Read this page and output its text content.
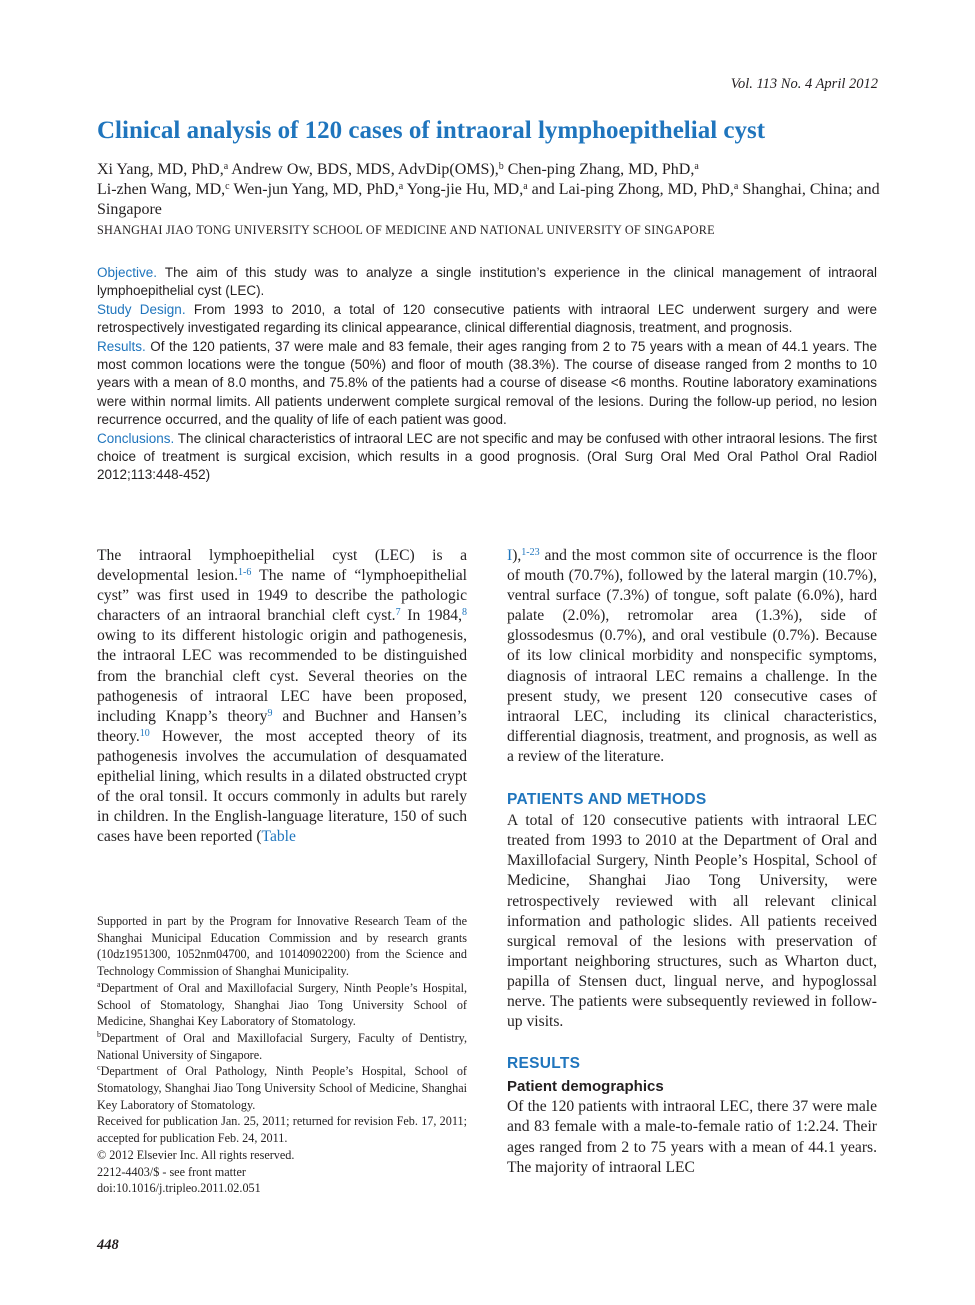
Vol. 113 No. 4 April 2012
Clinical analysis of 120 cases of intraoral lymphoepithelial cyst
Xi Yang, MD, PhD,$^a$ Andrew Ow, BDS, MDS, AdvDip(OMS),$^b$ Chen-ping Zhang, MD, PhD,$^a$
Li-zhen Wang, MD,$^c$ Wen-jun Yang, MD, PhD,$^a$ Yong-jie Hu, MD,$^a$ and Lai-ping Zhong, MD, PhD,$^a$ Shanghai, China; and Singapore
SHANGHAI JIAO TONG UNIVERSITY SCHOOL OF MEDICINE AND NATIONAL UNIVERSITY OF SINGAPORE

Objective. The aim of this study was to analyze a single institution’s experience in the clinical management of intraoral lymphoepithelial cyst (LEC).

Study Design. From 1993 to 2010, a total of 120 consecutive patients with intraoral LEC underwent surgery and were retrospectively investigated regarding its clinical appearance, clinical differential diagnosis, treatment, and prognosis.

Results. Of the 120 patients, 37 were male and 83 female, their ages ranging from 2 to 75 years with a mean of 44.1 years. The most common locations were the tongue (50%) and floor of mouth (38.3%). The course of disease ranged from 2 months to 10 years with a mean of 8.0 months, and 75.8% of the patients had a course of disease <6 months. Routine laboratory examinations were within normal limits. All patients underwent complete surgical removal of the lesions. During the follow-up period, no lesion recurrence occurred, and the quality of life of each patient was good.

Conclusions. The clinical characteristics of intraoral LEC are not specific and may be confused with other intraoral lesions. The first choice of treatment is surgical excision, which results in a good prognosis. (Oral Surg Oral Med Oral Pathol Oral Radiol 2012;113:448-452)

The intraoral lymphoepithelial cyst (LEC) is a developmental lesion.$^{1-6}$ The name of “lymphoepithelial cyst” was first used in 1949 to describe the pathologic characters of an intraoral branchial cleft cyst.$^7$ In 1984,$^8$ owing to its different histologic origin and pathogenesis, the intraoral LEC was recommended to be distinguished from the branchial cleft cyst. Several theories on the pathogenesis of intraoral LEC have been proposed, including Knapp’s theory$^9$ and Buchner and Hansen’s theory.$^{10}$ However, the most accepted theory of its pathogenesis involves the accumulation of desquamated epithelial lining, which results in a dilated obstructed crypt of the oral tonsil. It occurs commonly in adults but rarely in children. In the English-language literature, 150 of such cases have been reported (Table

I),$^{1-23}$ and the most common site of occurrence is the floor of mouth (70.7%), followed by the lateral margin (10.7%), ventral surface (7.3%) of tongue, soft palate (6.0%), hard palate (2.0%), retromolar area (1.3%), side of glossodesmus (0.7%), and oral vestibule (0.7%). Because of its low clinical morbidity and nonspecific symptoms, diagnosis of intraoral LEC remains a challenge. In the present study, we present 120 consecutive cases of intraoral LEC, including its clinical characteristics, differential diagnosis, treatment, and prognosis, as well as a review of the literature.

PATIENTS AND METHODS

A total of 120 consecutive patients with intraoral LEC treated from 1993 to 2010 at the Department of Oral and Maxillofacial Surgery, Ninth People’s Hospital, School of Medicine, Shanghai Jiao Tong University, were retrospectively reviewed with all relevant clinical information and pathologic slides. All patients received surgical removal of the lesions with preservation of important neighboring structures, such as Wharton duct, papilla of Stensen duct, lingual nerve, and hypoglossal nerve. The patients were subsequently reviewed in follow-up visits.

RESULTS
Patient demographics

Of the 120 patients with intraoral LEC, there 37 were male and 83 female with a male-to-female ratio of 1:2.24. Their ages ranged from 2 to 75 years with a mean of 44.1 years. The majority of intraoral LEC

Supported in part by the Program for Innovative Research Team of the Shanghai Municipal Education Commission and by research grants (10dz1951300, 1052nm04700, and 10140902200) from the Science and Technology Commission of Shanghai Municipality.

$^a$Department of Oral and Maxillofacial Surgery, Ninth People’s Hospital, School of Stomatology, Shanghai Jiao Tong University School of Medicine, Shanghai Key Laboratory of Stomatology.

$^b$Department of Oral and Maxillofacial Surgery, Faculty of Dentistry, National University of Singapore.

$^c$Department of Oral Pathology, Ninth People’s Hospital, School of Stomatology, Shanghai Jiao Tong University School of Medicine, Shanghai Key Laboratory of Stomatology.

Received for publication Jan. 25, 2011; returned for revision Feb. 17, 2011; accepted for publication Feb. 24, 2011.

© 2012 Elsevier Inc. All rights reserved.

2212-4403/$ - see front matter

doi:10.1016/j.tripleo.2011.02.051

448
